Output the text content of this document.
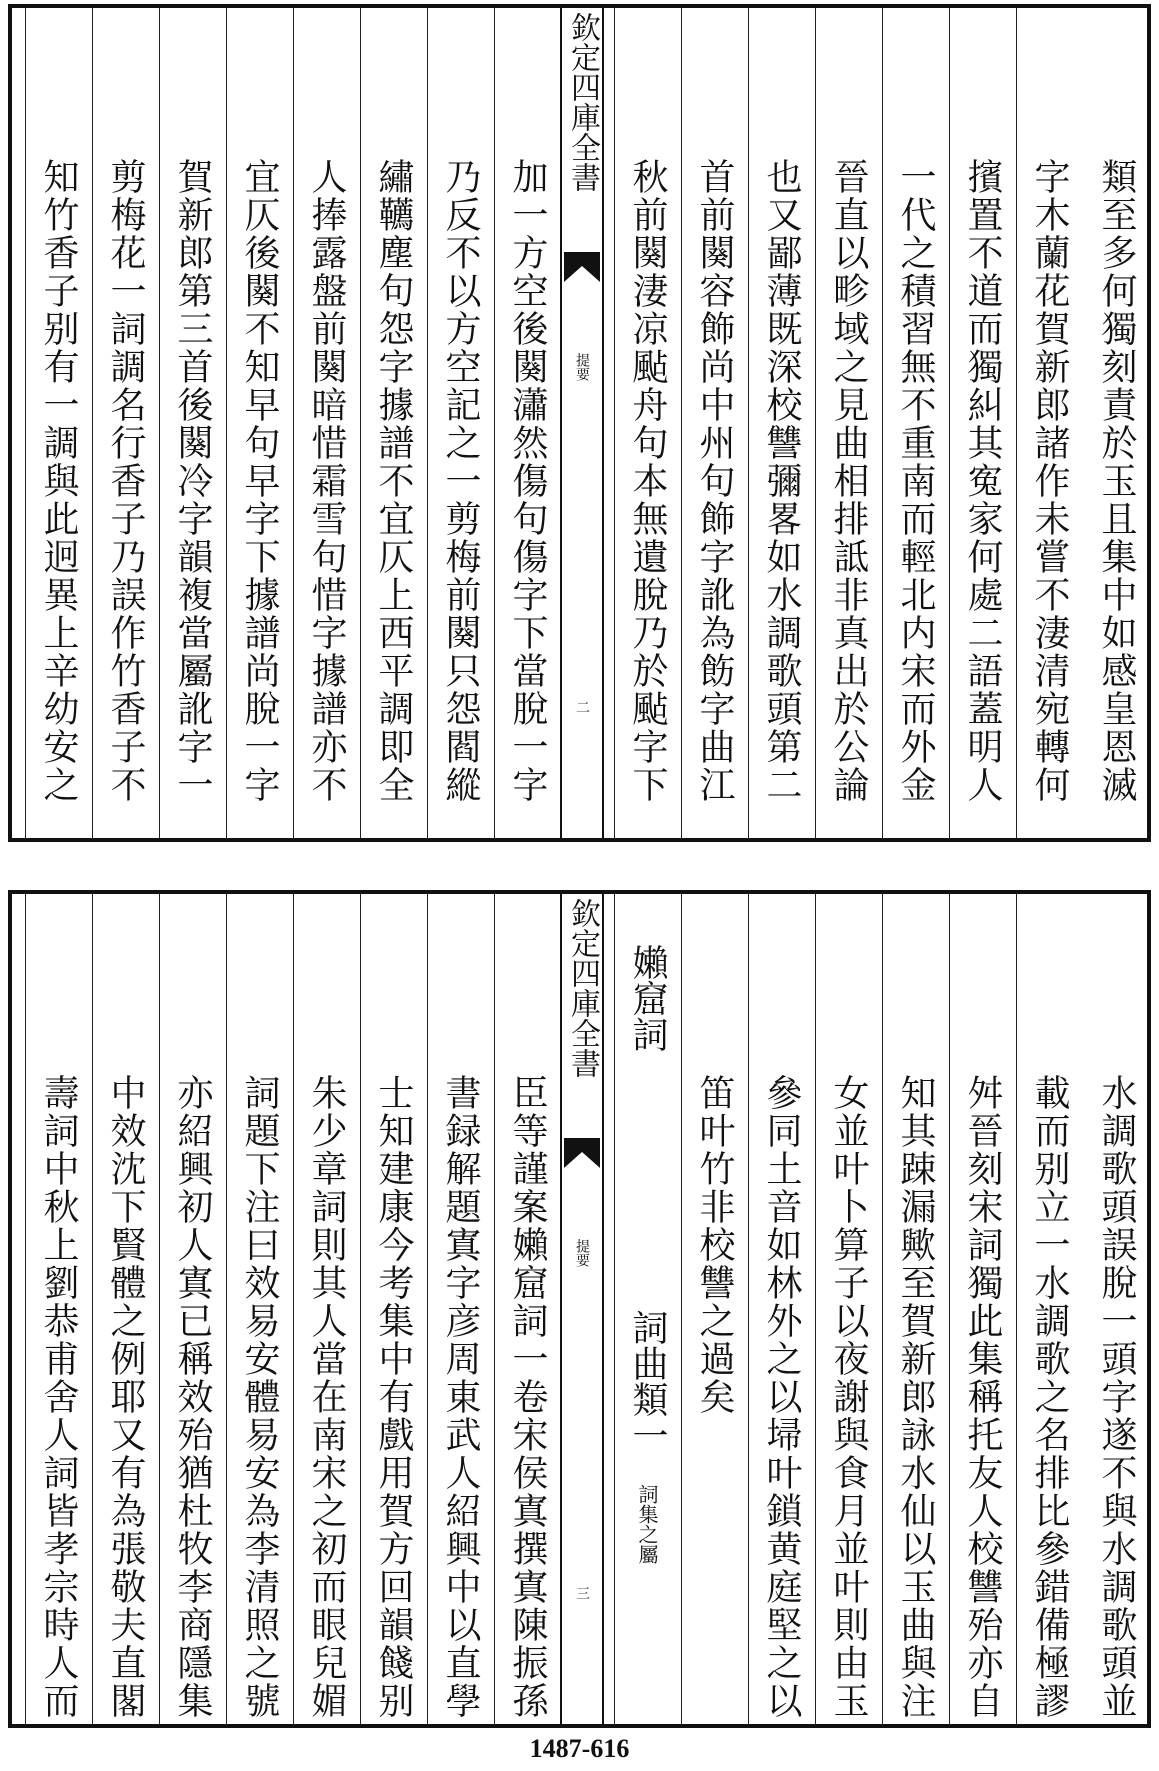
類至多何獨刻責於玉且集中如感皇恩滅
字木蘭花賀新郎諸作未嘗不淒清宛轉何
擯置不道而獨糾其寃家何處二語蓋明人
一代之積習無不重南而輕北内宋而外金
晉直以畛域之見曲相排詆非真出於公論
也又鄙薄既深校讐彌畧如水調歌頭第二
首前闋容飾尚中州句飾字訛為飭字曲江
秋前闋淒凉颭舟句本無遺脫乃於颭字下
欽定四庫全書
提要
二
加一方空後闋瀟然傷句傷字下當脫一字
乃反不以方空記之一剪梅前闋只怨閻縱
繡韉塵句怨字據譜不宜仄上西平調即全
人捧露盤前闋暗惜霜雪句惜字據譜亦不
宜仄後闋不知早句早字下據譜尚脫一字
賀新郎第三首後闋冷字韻複當屬訛字一
剪梅花一詞調名行香子乃誤作竹香子不
知竹香子别有一調與此迥異上辛幼安之
水調歌頭誤脫一頭字遂不與水調歌頭並
載而别立一水調歌之名排比參錯備極謬
舛晉刻宋詞獨此集稱托友人校讐殆亦自
知其踈漏歟至賀新郎詠水仙以玉曲與注
女並叶卜算子以夜謝與食月並叶則由玉
參同土音如林外之以埽叶鎖黄庭堅之以
笛叶竹非校讐之過矣
嬾窟詞
詞曲類一
詞集之屬
欽定四庫全書
提要
三
臣等謹案嬾窟詞一卷宋侯寘撰寘陳振孫
書録解題寘字彦周東武人紹興中以直學
士知建康今考集中有戲用賀方回韻餞别
朱少章詞則其人當在南宋之初而眼兒媚
詞題下注曰效易安體易安為李清照之號
亦紹興初人寘已稱效殆猶杜牧李商隱集
中效沈下賢體之例耶又有為張敬夫直閣
壽詞中秋上劉恭甫舍人詞皆孝宗時人而
1487-616
